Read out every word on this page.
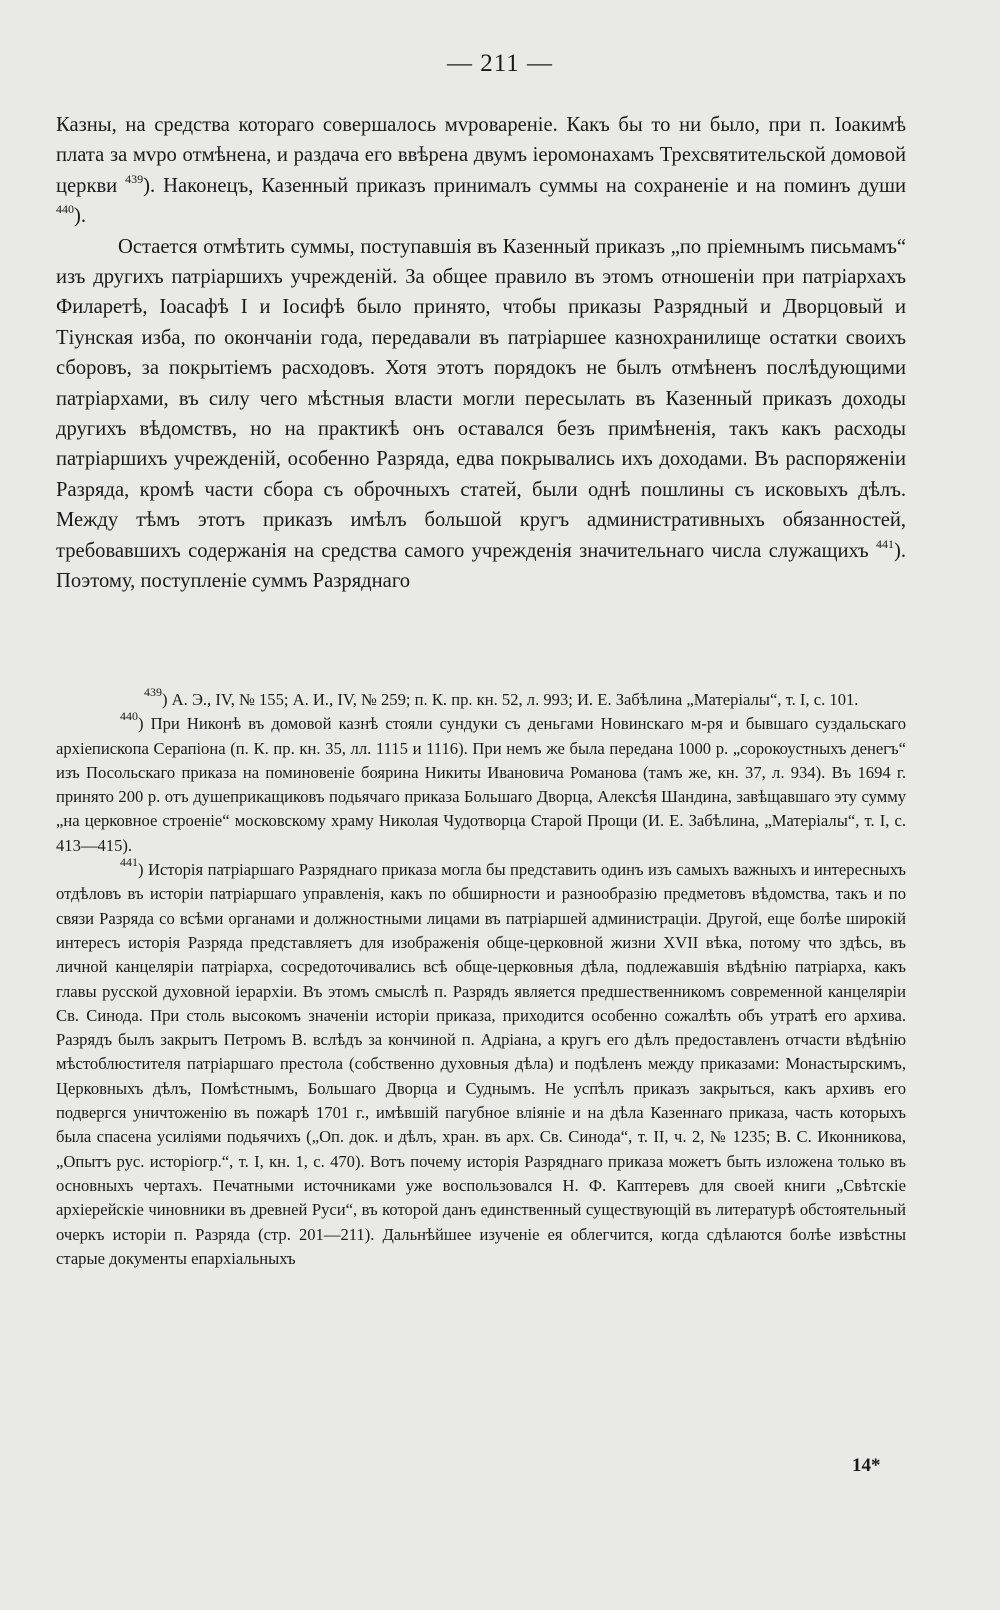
— 211 —

Казны, на средства котораго совершалось мvровареніе. Какъ бы то ни было, при п. Іоакимѣ плата за мvро отмѣнена, и раздача его ввѣрена двумъ іеромонахамъ Трехсвятительской домовой церкви $^{439}$). Наконецъ, Казенный приказъ принималъ суммы на сохраненіе и на поминъ души $^{440}$).

Остается отмѣтить суммы, поступавшія въ Казенный приказъ „по пріемнымъ письмамъ“ изъ другихъ патріаршихъ учрежденій. За общее правило въ этомъ отношеніи при патріархахъ Филаретѣ, Іоасафѣ I и Іосифѣ было принято, чтобы приказы Разрядный и Дворцовый и Тіунская изба, по окончаніи года, передавали въ патріаршее казнохранилище остатки своихъ сборовъ, за покрытіемъ расходовъ. Хотя этотъ порядокъ не былъ отмѣненъ послѣдующими патріархами, въ силу чего мѣстныя власти могли пересылать въ Казенный приказъ доходы другихъ вѣдомствъ, но на практикѣ онъ оставался безъ примѣненія, такъ какъ расходы патріаршихъ учрежденій, особенно Разряда, едва покрывались ихъ доходами. Въ распоряженіи Разряда, кромѣ части сбора съ оброчныхъ статей, были однѣ пошлины съ исковыхъ дѣлъ. Между тѣмъ этотъ приказъ имѣлъ большой кругъ административныхъ обязанностей, требовавшихъ содержанія на средства самого учрежденія значительнаго числа служащихъ $^{441}$). Поэтому, поступленіе суммъ Разряднаго

$^{439}$) А. Э., IV, № 155; А. И., IV, № 259; п. К. пр. кн. 52, л. 993; И. Е. Забѣлина „Матеріалы“, т. I, с. 101.

$^{440}$) При Никонѣ въ домовой казнѣ стояли сундуки съ деньгами Новинскаго м-ря и бывшаго суздальскаго архіепископа Серапіона (п. К. пр. кн. 35, лл. 1115 и 1116). При немъ же была передана 1000 р. „сорокоустныхъ денегъ“ изъ Посольскаго приказа на поминовеніе боярина Никиты Ивановича Романова (тамъ же, кн. 37, л. 934). Въ 1694 г. принято 200 р. отъ душеприкащиковъ подьячаго приказа Большаго Дворца, Алексѣя Шандина, завѣщавшаго эту сумму „на церковное строеніе“ московскому храму Николая Чудотворца Старой Прощи (И. Е. Забѣлина, „Матеріалы“, т. I, с. 413—415).

$^{441}$) Исторія патріаршаго Разряднаго приказа могла бы представить одинъ изъ самыхъ важныхъ и интересныхъ отдѣловъ въ исторіи патріаршаго управленія, какъ по обширности и разнообразію предметовъ вѣдомства, такъ и по связи Разряда со всѣми органами и должностными лицами въ патріаршей администраціи. Другой, еще болѣе широкій интересъ исторія Разряда представляетъ для изображенія обще-церковной жизни XVII вѣка, потому что здѣсь, въ личной канцеляріи патріарха, сосредоточивались всѣ обще-церковныя дѣла, подлежавшія вѣдѣнію патріарха, какъ главы русской духовной іерархіи. Въ этомъ смыслѣ п. Разрядъ является предшественникомъ современной канцеляріи Св. Синода. При столь высокомъ значеніи исторіи приказа, приходится особенно сожалѣть объ утратѣ его архива. Разрядъ былъ закрытъ Петромъ В. вслѣдъ за кончиной п. Адріана, а кругъ его дѣлъ предоставленъ отчасти вѣдѣнію мѣстоблюстителя патріаршаго престола (собственно духовныя дѣла) и подѣленъ между приказами: Монастырскимъ, Церковныхъ дѣлъ, Помѣстнымъ, Большаго Дворца и Суднымъ. Не успѣлъ приказъ закрыться, какъ архивъ его подвергся уничтоженію въ пожарѣ 1701 г., имѣвшій пагубное вліяніе и на дѣла Казеннаго приказа, часть которыхъ была спасена усиліями подьячихъ („Оп. док. и дѣлъ, хран. въ арх. Св. Синода“, т. II, ч. 2, № 1235; В. С. Иконникова, „Опытъ рус. исторіогр.“, т. I, кн. 1, с. 470). Вотъ почему исторія Разряднаго приказа можетъ быть изложена только въ основныхъ чертахъ. Печатными источниками уже воспользовался Н. Ф. Каптеревъ для своей книги „Свѣтскіе архіерейскіе чиновники въ древней Руси“, въ которой данъ единственный существующій въ литературѣ обстоятельный очеркъ исторіи п. Разряда (стр. 201—211). Дальнѣйшее изученіе ея облегчится, когда сдѣлаются болѣе извѣстны старые документы епархіальныхъ

14*
